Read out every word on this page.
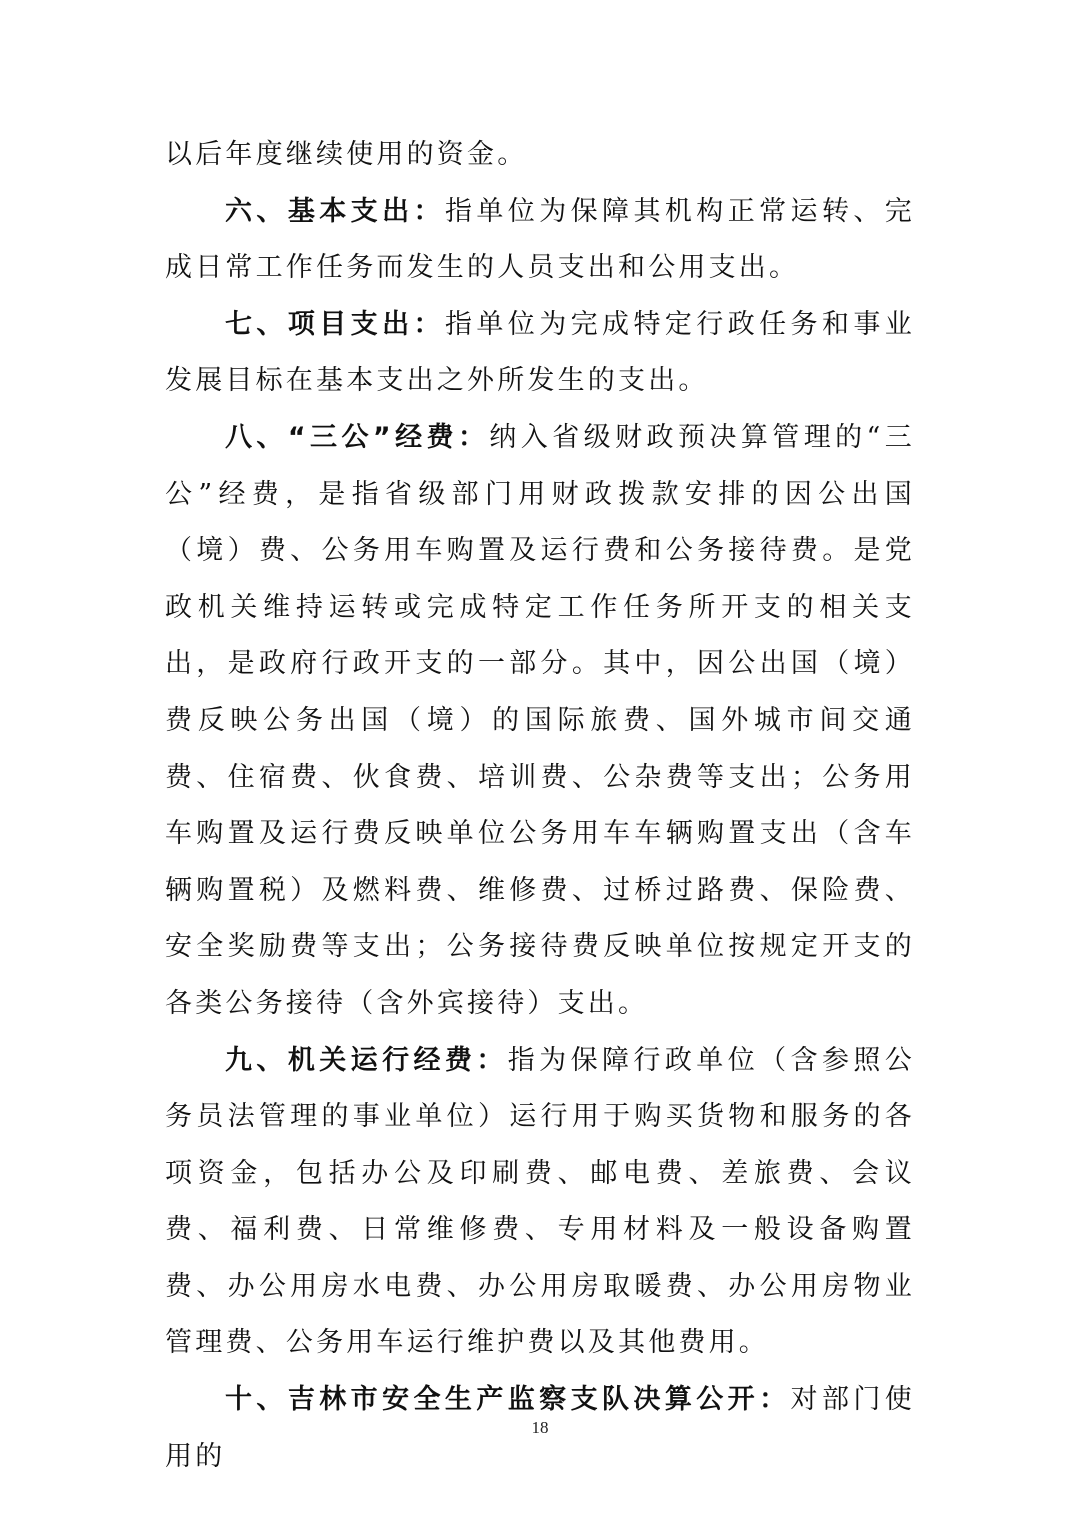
以后年度继续使用的资金。

六、基本支出：指单位为保障其机构正常运转、完成日常工作任务而发生的人员支出和公用支出。

七、项目支出：指单位为完成特定行政任务和事业发展目标在基本支出之外所发生的支出。

八、“三公”经费：纳入省级财政预决算管理的“三公”经费，是指省级部门用财政拨款安排的因公出国（境）费、公务用车购置及运行费和公务接待费。是党政机关维持运转或完成特定工作任务所开支的相关支出，是政府行政开支的一部分。其中，因公出国（境）费反映公务出国（境）的国际旅费、国外城市间交通费、住宿费、伙食费、培训费、公杂费等支出；公务用车购置及运行费反映单位公务用车车辆购置支出（含车辆购置税）及燃料费、维修费、过桥过路费、保险费、安全奖励费等支出；公务接待费反映单位按规定开支的各类公务接待（含外宾接待）支出。

九、机关运行经费：指为保障行政单位（含参照公务员法管理的事业单位）运行用于购买货物和服务的各项资金，包括办公及印刷费、邮电费、差旅费、会议费、福利费、日常维修费、专用材料及一般设备购置费、办公用房水电费、办公用房取暖费、办公用房物业管理费、公务用车运行维护费以及其他费用。

十、吉林市安全生产监察支队决算公开：对部门使用的

18
